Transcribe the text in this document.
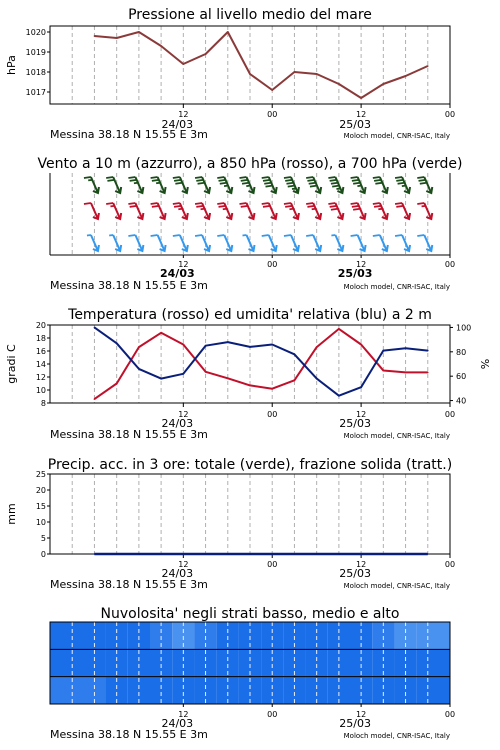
Pressione al livello medio del mare
12	00	12	00
24/03	25/03
Messina 38.18 N 15.55 E 3m	Moloch model, CNR-ISAC, Italy
1017
1018
1019
1020
hPa
Vento a 10 m (azzurro), a 850 hPa (rosso), a 700 hPa (verde)
12	00	12	00
24/03	25/03
Messina 38.18 N 15.55 E 3m	Moloch model, CNR-ISAC, Italy
Temperatura (rosso) ed umidita' relativa (blu) a 2 m
12	00	12	00
24/03	25/03
Messina 38.18 N 15.55 E 3m	Moloch model, CNR-ISAC, Italy
8
10
12
14
16
18
20
gradi C
40
60
80
100
%
Precip. acc. in 3 ore: totale (verde), frazione solida (tratt.)
12	00	12	00
24/03	25/03
Messina 38.18 N 15.55 E 3m	Moloch model, CNR-ISAC, Italy
0
5
10
15
20
25
mm
Nuvolosita' negli strati basso, medio e alto
12	00	12	00
24/03	25/03
Messina 38.18 N 15.55 E 3m	Moloch model, CNR-ISAC, Italy
